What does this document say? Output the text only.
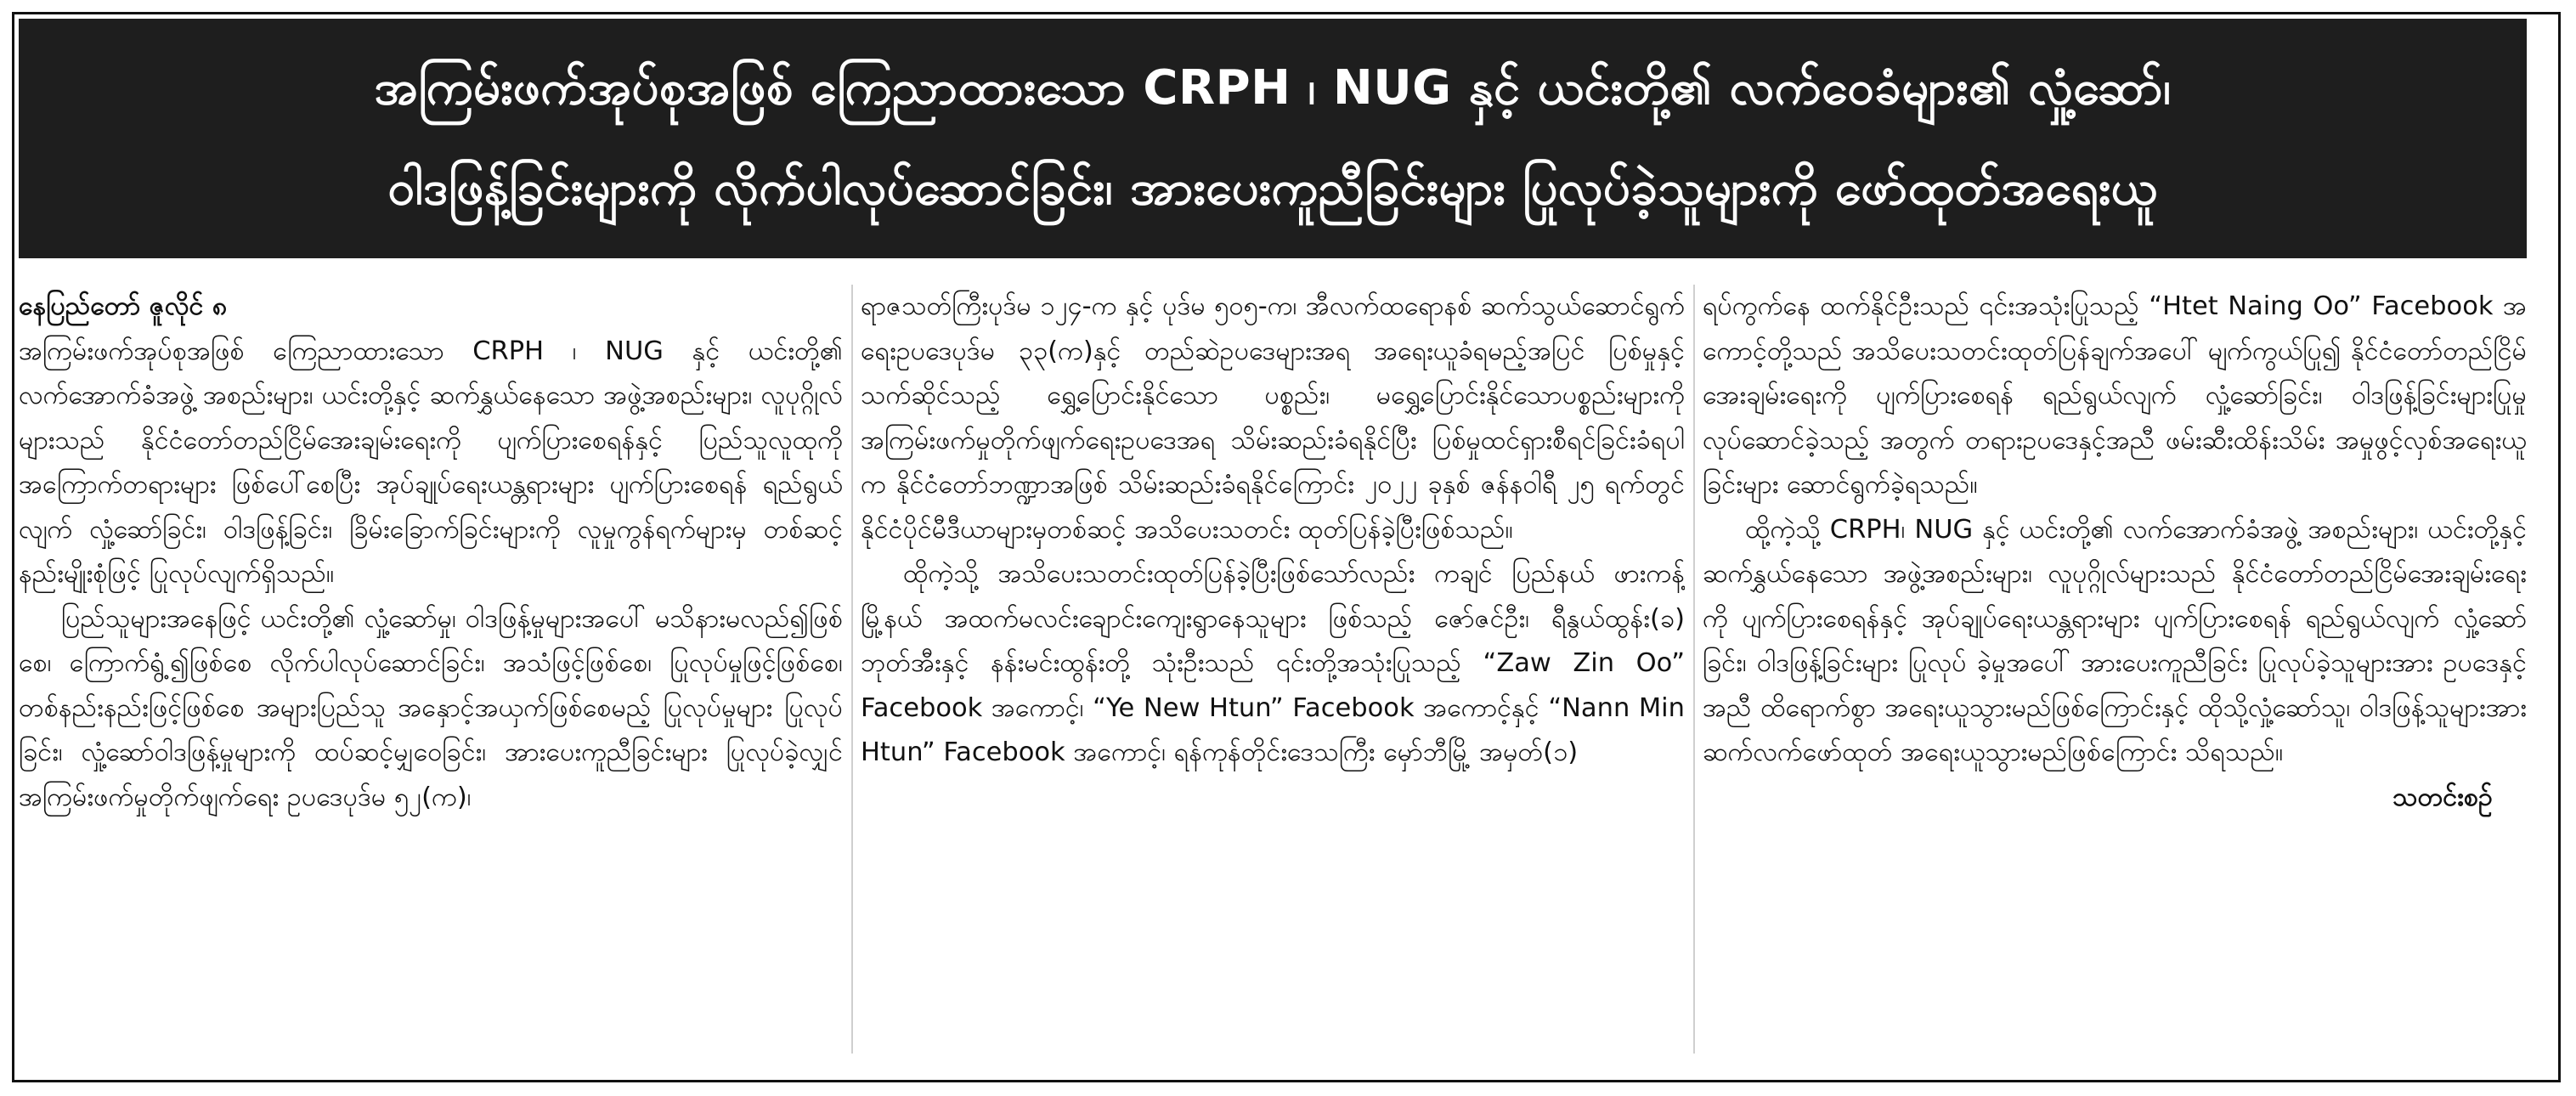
အကြမ်းဖက်အုပ်စုအဖြစ် ကြေညာထားသော CRPH ၊ NUG နှင့် ယင်းတို့၏ လက်ဝေခံများ၏ လှုံ့ဆော်၊
ဝါဒဖြန့်ခြင်းများကို လိုက်ပါလုပ်ဆောင်ခြင်း၊ အားပေးကူညီခြင်းများ ပြုလုပ်ခဲ့သူများကို ဖော်ထုတ်အရေးယူ

နေပြည်တော် ဇူလိုင် ၈
အကြမ်းဖက်အုပ်စုအဖြစ် ကြေညာထားသော CRPH ၊ NUG နှင့် ယင်းတို့၏ လက်အောက်ခံအဖွဲ့ အစည်းများ၊ ယင်းတို့နှင့် ဆက်နွှယ်နေသော အဖွဲ့အစည်းများ၊ လူပုဂ္ဂိုလ်များသည် နိုင်ငံတော်တည်ငြိမ်အေးချမ်းရေးကို ပျက်ပြားစေရန်နှင့် ပြည်သူလူထုကို အကြောက်တရားများ ဖြစ်ပေါ်စေပြီး အုပ်ချုပ်ရေးယန္တရားများ ပျက်ပြားစေရန် ရည်ရွယ်လျက် လှုံ့ဆော်ခြင်း၊ ဝါဒဖြန့်ခြင်း၊ ခြိမ်းခြောက်ခြင်းများကို လူမှုကွန်ရက်များမှ တစ်ဆင့် နည်းမျိုးစုံဖြင့် ပြုလုပ်လျက်ရှိသည်။

ပြည်သူများအနေဖြင့် ယင်းတို့၏ လှုံ့ဆော်မှု၊ ဝါဒဖြန့်မှုများအပေါ် မသိနားမလည်၍ဖြစ်စေ၊ ကြောက်ရွံ့၍ဖြစ်စေ လိုက်ပါလုပ်ဆောင်ခြင်း၊ အသံဖြင့်ဖြစ်စေ၊ ပြုလုပ်မှုဖြင့်ဖြစ်စေ၊ တစ်နည်းနည်းဖြင့်ဖြစ်စေ အများပြည်သူ အနှောင့်အယှက်ဖြစ်စေမည့် ပြုလုပ်မှုများ ပြုလုပ်ခြင်း၊ လှုံ့ဆော်ဝါဒဖြန့်မှုများကို ထပ်ဆင့်မျှဝေခြင်း၊ အားပေးကူညီခြင်းများ ပြုလုပ်ခဲ့လျှင် အကြမ်းဖက်မှုတိုက်ဖျက်ရေး ဥပဒေပုဒ်မ ၅၂(က)၊

ရာဇသတ်ကြီးပုဒ်မ ၁၂၄-က နှင့် ပုဒ်မ ၅၀၅-က၊ အီလက်ထရောနစ် ဆက်သွယ်ဆောင်ရွက်ရေးဥပဒေပုဒ်မ ၃၃(က)နှင့် တည်ဆဲဥပဒေများအရ အရေးယူခံရမည့်အပြင် ပြစ်မှုနှင့်သက်ဆိုင်သည့် ရွှေ့ပြောင်းနိုင်သော ပစ္စည်း၊ မရွှေ့ပြောင်းနိုင်သောပစ္စည်းများကို အကြမ်းဖက်မှုတိုက်ဖျက်ရေးဥပဒေအရ သိမ်းဆည်းခံရနိုင်ပြီး ပြစ်မှုထင်ရှားစီရင်ခြင်းခံရပါက နိုင်ငံတော်ဘဏ္ဍာအဖြစ် သိမ်းဆည်းခံရနိုင်ကြောင်း ၂၀၂၂ ခုနှစ် ဇန်နဝါရီ ၂၅ ရက်တွင် နိုင်ငံပိုင်မီဒီယာများမှတစ်ဆင့် အသိပေးသတင်း ထုတ်ပြန်ခဲ့ပြီးဖြစ်သည်။

ထိုကဲ့သို့ အသိပေးသတင်းထုတ်ပြန်ခဲ့ပြီးဖြစ်သော်လည်း ကချင် ပြည်နယ် ဖားကန့်မြို့နယ် အထက်မလင်းချောင်းကျေးရွာနေသူများ ဖြစ်သည့် ဇော်ဇင်ဦး၊ ရီနွယ်ထွန်း(ခ) ဘုတ်အီးနှင့် နန်းမင်းထွန်းတို့ သုံးဦးသည် ၎င်းတို့အသုံးပြုသည့် “Zaw Zin Oo” Facebook အကောင့်၊ “Ye New Htun” Facebook အကောင့်နှင့် “Nann Min Htun” Facebook အကောင့်၊ ရန်ကုန်တိုင်းဒေသကြီး မှော်ဘီမြို့ အမှတ်(၁)

ရပ်ကွက်နေ ထက်နိုင်ဦးသည် ၎င်းအသုံးပြုသည့် “Htet Naing Oo” Facebook အကောင့်တို့သည် အသိပေးသတင်းထုတ်ပြန်ချက်အပေါ် မျက်ကွယ်ပြု၍ နိုင်ငံတော်တည်ငြိမ်အေးချမ်းရေးကို ပျက်ပြားစေရန် ရည်ရွယ်လျက် လှုံ့ဆော်ခြင်း၊ ဝါဒဖြန့်ခြင်းများပြုမှု လုပ်ဆောင်ခဲ့သည့် အတွက် တရားဥပဒေနှင့်အညီ ဖမ်းဆီးထိန်းသိမ်း အမှုဖွင့်လှစ်အရေးယူ ခြင်းများ ဆောင်ရွက်ခဲ့ရသည်။

ထို့ကဲ့သို့ CRPH၊ NUG နှင့် ယင်းတို့၏ လက်အောက်ခံအဖွဲ့ အစည်းများ၊ ယင်းတို့နှင့် ဆက်နွှယ်နေသော အဖွဲ့အစည်းများ၊ လူပုဂ္ဂိုလ်များသည် နိုင်ငံတော်တည်ငြိမ်အေးချမ်းရေးကို ပျက်ပြားစေရန်နှင့် အုပ်ချုပ်ရေးယန္တရားများ ပျက်ပြားစေရန် ရည်ရွယ်လျက် လှုံ့ဆော်ခြင်း၊ ဝါဒဖြန့်ခြင်းများ ပြုလုပ် ခဲ့မှုအပေါ် အားပေးကူညီခြင်း ပြုလုပ်ခဲ့သူများအား ဥပဒေနှင့်အညီ ထိရောက်စွာ အရေးယူသွားမည်ဖြစ်ကြောင်းနှင့် ထိုသို့လှုံ့ဆော်သူ၊ ဝါဒဖြန့်သူများအား ဆက်လက်ဖော်ထုတ် အရေးယူသွားမည်ဖြစ်ကြောင်း သိရသည်။

သတင်းစဉ်
